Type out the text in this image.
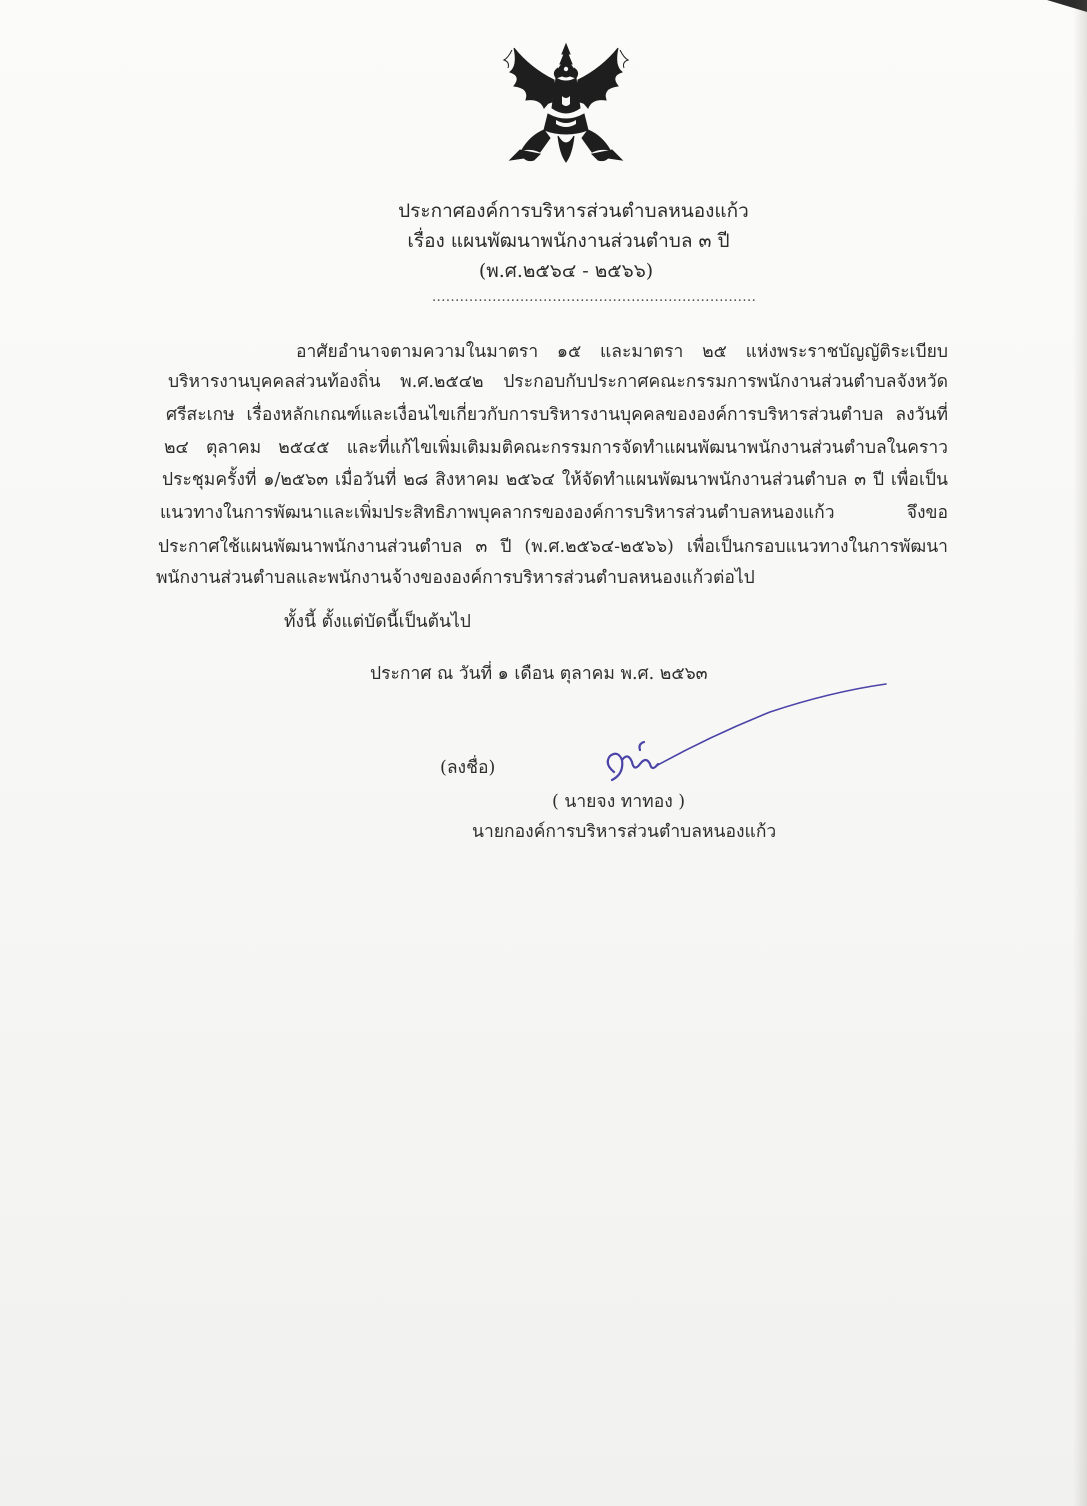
ประกาศองค์การบริหารส่วนตำบลหนองแก้ว
เรื่อง แผนพัฒนาพนักงานส่วนตำบล ๓ ปี
(พ.ศ.๒๕๖๔ - ๒๕๖๖)
......................................................................
อาศัยอำนาจตามความในมาตรา ๑๕ และมาตรา ๒๕ แห่งพระราชบัญญัติระเบียบ
บริหารงานบุคคลส่วนท้องถิ่น พ.ศ.๒๕๔๒ ประกอบกับประกาศคณะกรรมการพนักงานส่วนตำบลจังหวัด
ศรีสะเกษ เรื่องหลักเกณฑ์และเงื่อนไขเกี่ยวกับการบริหารงานบุคคลขององค์การบริหารส่วนตำบล ลงวันที่
๒๔ ตุลาคม ๒๕๔๕ และที่แก้ไขเพิ่มเติมมติคณะกรรมการจัดทำแผนพัฒนาพนักงานส่วนตำบลในคราว
ประชุมครั้งที่ ๑/๒๕๖๓ เมื่อวันที่ ๒๘ สิงหาคม ๒๕๖๔ ให้จัดทำแผนพัฒนาพนักงานส่วนตำบล ๓ ปี เพื่อเป็น
แนวทางในการพัฒนาและเพิ่มประสิทธิภาพบุคลากรขององค์การบริหารส่วนตำบลหนองแก้ว จึงขอ
ประกาศใช้แผนพัฒนาพนักงานส่วนตำบล ๓ ปี (พ.ศ.๒๕๖๔-๒๕๖๖) เพื่อเป็นกรอบแนวทางในการพัฒนา
พนักงานส่วนตำบลและพนักงานจ้างขององค์การบริหารส่วนตำบลหนองแก้วต่อไป
ทั้งนี้ ตั้งแต่บัดนี้เป็นต้นไป
ประกาศ ณ วันที่ ๑ เดือน ตุลาคม พ.ศ. ๒๕๖๓
(ลงชื่อ)
( นายจง ทาทอง )
นายกองค์การบริหารส่วนตำบลหนองแก้ว
